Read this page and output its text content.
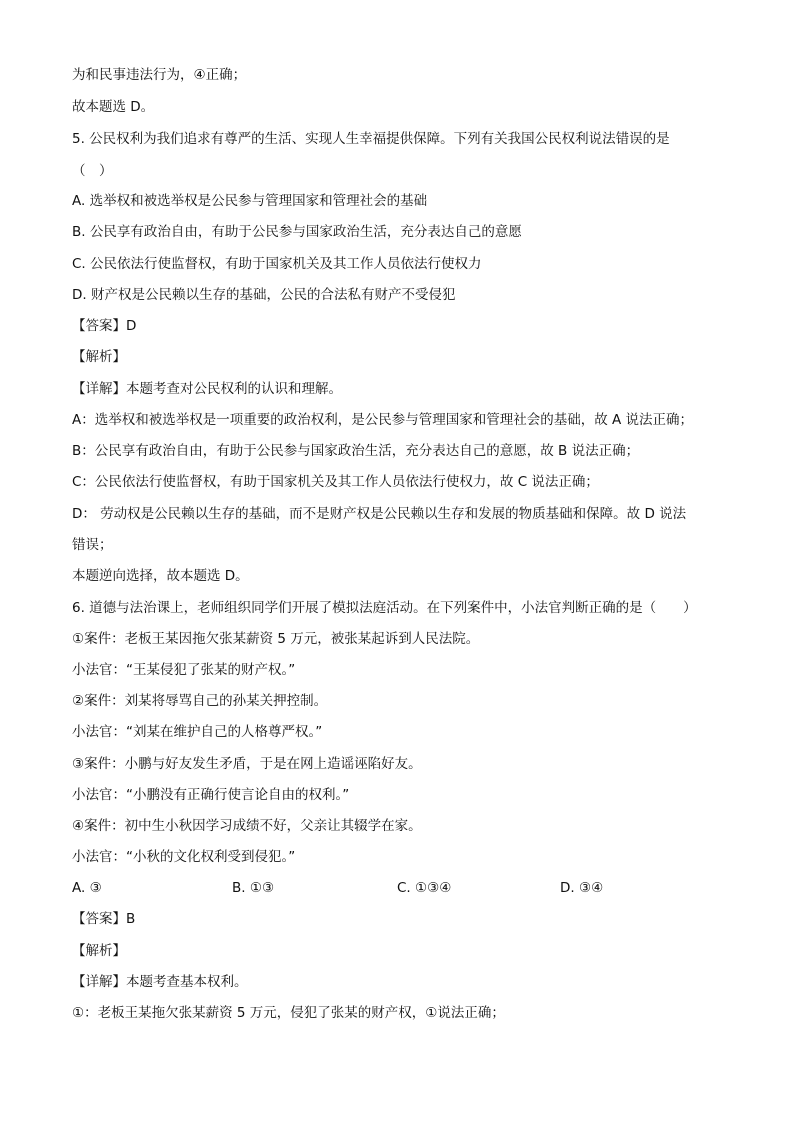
为和民事违法行为，④正确；
故本题选 D。
5. 公民权利为我们追求有尊严的生活、实现人生幸福提供保障。下列有关我国公民权利说法错误的是
（　）
A. 选举权和被选举权是公民参与管理国家和管理社会的基础
B. 公民享有政治自由，有助于公民参与国家政治生活，充分表达自己的意愿
C. 公民依法行使监督权，有助于国家机关及其工作人员依法行使权力
D. 财产权是公民赖以生存的基础，公民的合法私有财产不受侵犯
【答案】D
【解析】
【详解】本题考查对公民权利的认识和理解。
A：选举权和被选举权是一项重要的政治权利，是公民参与管理国家和管理社会的基础，故 A 说法正确；
B：公民享有政治自由，有助于公民参与国家政治生活，充分表达自己的意愿，故 B 说法正确；
C：公民依法行使监督权，有助于国家机关及其工作人员依法行使权力，故 C 说法正确；
D： 劳动权是公民赖以生存的基础，而不是财产权是公民赖以生存和发展的物质基础和保障。故 D 说法
错误；
本题逆向选择，故本题选 D。
6. 道德与法治课上，老师组织同学们开展了模拟法庭活动。在下列案件中，小法官判断正确的是（　　）
①案件：老板王某因拖欠张某薪资 5 万元，被张某起诉到人民法院。
小法官：“王某侵犯了张某的财产权。”
②案件：刘某将辱骂自己的孙某关押控制。
小法官：“刘某在维护自己的人格尊严权。”
③案件：小鹏与好友发生矛盾，于是在网上造谣诬陷好友。
小法官：“小鹏没有正确行使言论自由的权利。”
④案件：初中生小秋因学习成绩不好，父亲让其辍学在家。
小法官：“小秋的文化权利受到侵犯。”
A. ③	B. ①③	C. ①③④	D. ③④
【答案】B
【解析】
【详解】本题考查基本权利。
①：老板王某拖欠张某薪资 5 万元，侵犯了张某的财产权，①说法正确；
